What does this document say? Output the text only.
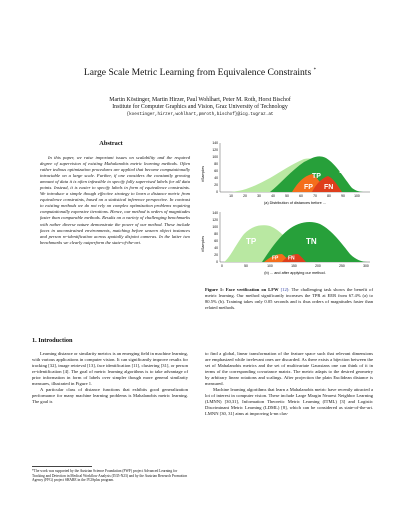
Large Scale Metric Learning from Equivalence Constraints *
Martin Köstinger, Martin Hirzer, Paul Wohlhart, Peter M. Roth, Horst Bischof
Institute for Computer Graphics and Vision, Graz University of Technology
{koestinger,hirzer,wohlhart,pmroth,bischof}@icg.tugraz.at
Abstract
In this paper, we raise important issues on scalability and the required degree of supervision of existing Mahalanobis metric learning methods. Often rather tedious optimization procedures are applied that become computationally intractable on a large scale. Further, if one considers the constantly growing amount of data it is often infeasible to specify fully supervised labels for all data points. Instead, it is easier to specify labels in form of equivalence constraints. We introduce a simple though effective strategy to learn a distance metric from equivalence constraints, based on a statistical inference perspective. In contrast to existing methods we do not rely on complex optimization problems requiring computationally expensive iterations. Hence, our method is orders of magnitudes faster than comparable methods. Results on a variety of challenging benchmarks with rather diverse nature demonstrate the power of our method. These include faces in unconstrained environments, matching before unseen object instances and person re-identification across spatially disjoint cameras. In the latter two benchmarks we clearly outperform the state-of-the-art.
1. Introduction

Learning distance or similarity metrics is an emerging field in machine learning, with various applications in computer vision. It can significantly improve results for tracking [32], image retrieval [13], face identification [11], clustering [31], or person re-identification [4]. The goal of metric learning algorithms is to take advantage of prior information in form of labels over simpler though more general similarity measures, illustrated in Figure 1.

A particular class of distance functions that exhibits good generalization performance for many machine learning problems is Mahalanobis metric learning. The goal is

*The work was supported by the Austrian Science Foundation (FWF) project Advanced Learning for Tracking and Detection in Medical Workflow Analysis (I535-N23) and by the Austrian Research Promotion Agency (FFG) project SHARE in the IV2Splus program.
#Samples
140
120
100
80
60
40
20
0
TP
TN
FP FN
10	20	30	40	50	60	70	80	90	100
(a) Distribution of distances before ...
#Samples
140
120
100
80
60
40
20
0
TP	TN
FP FN
0	50	100	150	200	250	300
(b) ... and after applying our method.
Figure 1: Face verification on LFW [12]: The challenging task shows the benefit of metric learning. Our method significantly increases the TPR at EER from 67.4% (a) to 80.5% (b). Training takes only 0.05 seconds and is thus orders of magnitudes faster than related methods.

to find a global, linear transformation of the feature space such that relevant dimensions are emphasized while irrelevant ones are discarded. As there exists a bijection between the set of Mahalanobis metrics and the set of multivariate Gaussians one can think of it in terms of the corresponding covariance matrix. The metric adapts to the desired geometry by arbitrary linear rotations and scalings. After projection the plain Euclidean distance is measured.

Machine learning algorithms that learn a Mahalanobis metric have recently attracted a lot of interest in computer vision. These include Large Margin Nearest Neighbor Learning (LMNN) [30,31], Information Theoretic Metric Learning (ITML) [3] and Logistic Discriminant Metric Learning (LDML) [8], which can be considered as state-of-the-art. LMNN [30, 31] aims at improving k-nn clas-
